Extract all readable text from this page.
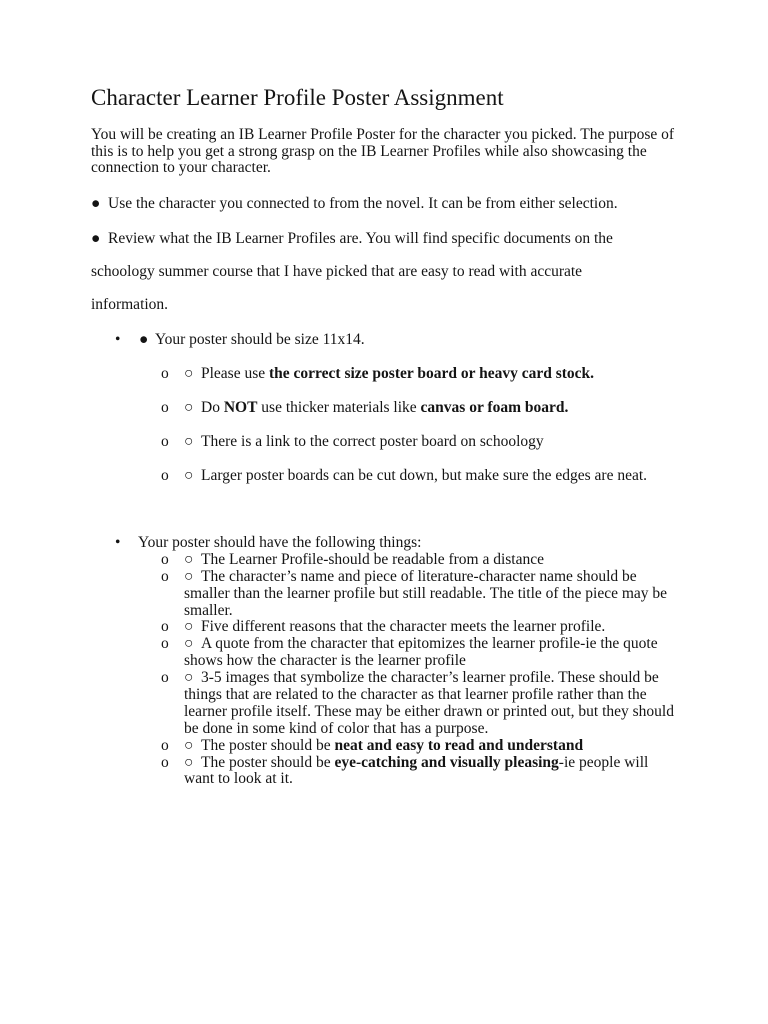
Character Learner Profile Poster Assignment
You will be creating an IB Learner Profile Poster for the character you picked. The purpose of
this is to help you get a strong grasp on the IB Learner Profiles while also showcasing the
connection to your character.
● Use the character you connected to from the novel. It can be from either selection.
● Review what the IB Learner Profiles are. You will find specific documents on the
schoology summer course that I have picked that are easy to read with accurate
information.
• ● Your poster should be size 11x14.
o ○ Please use the correct size poster board or heavy card stock.
o ○ Do NOT use thicker materials like canvas or foam board.
o ○ There is a link to the correct poster board on schoology
o ○ Larger poster boards can be cut down, but make sure the edges are neat.
• Your poster should have the following things:
o ○ The Learner Profile-should be readable from a distance
o ○ The character’s name and piece of literature-character name should be
smaller than the learner profile but still readable. The title of the piece may be
smaller.
o ○ Five different reasons that the character meets the learner profile.
o ○ A quote from the character that epitomizes the learner profile-ie the quote
shows how the character is the learner profile
o ○ 3-5 images that symbolize the character’s learner profile. These should be
things that are related to the character as that learner profile rather than the
learner profile itself. These may be either drawn or printed out, but they should
be done in some kind of color that has a purpose.
o ○ The poster should be neat and easy to read and understand
o ○ The poster should be eye-catching and visually pleasing-ie people will
want to look at it.
